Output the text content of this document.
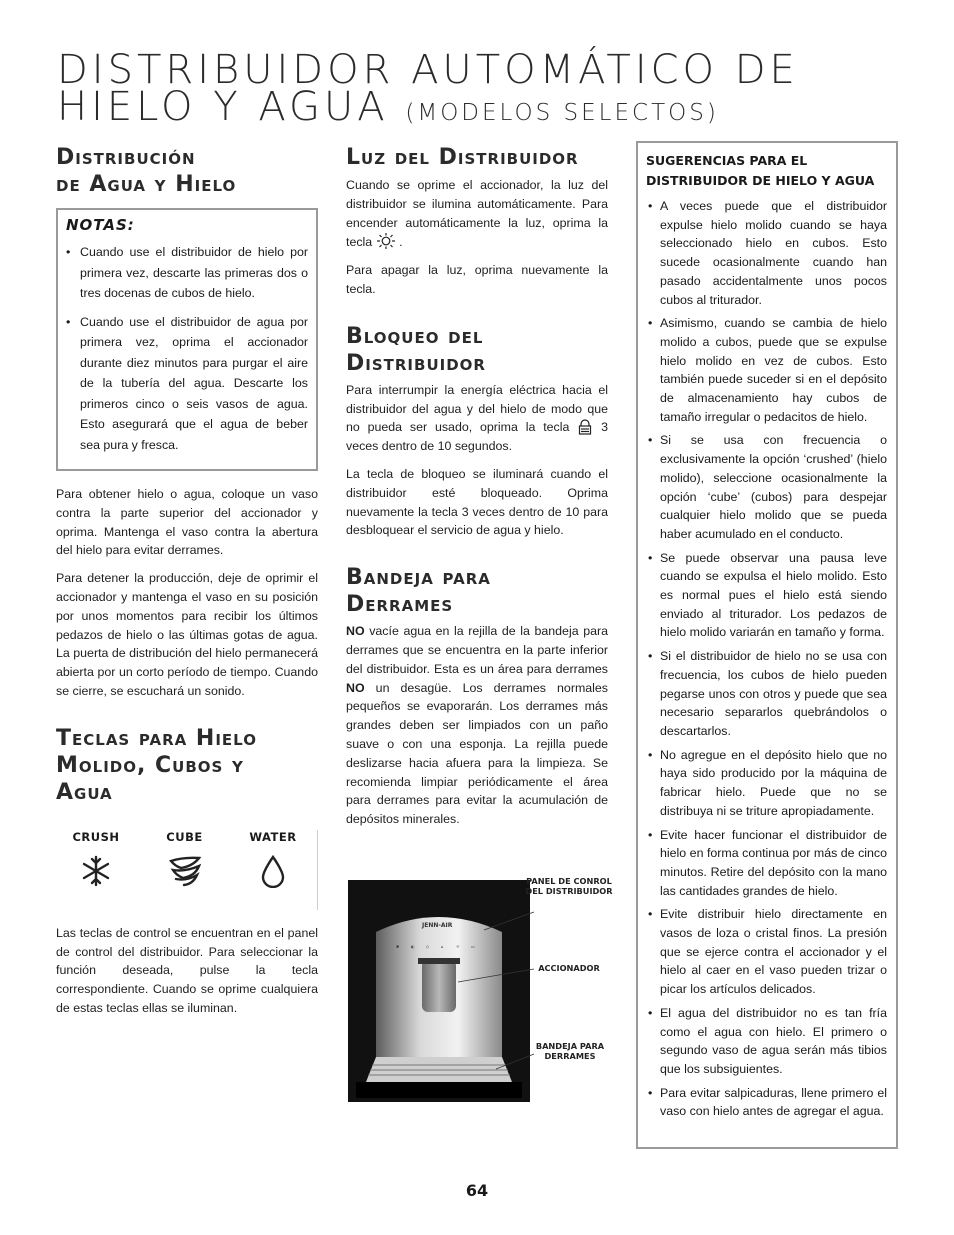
DISTRIBUIDOR AUTOMÁTICO DE
HIELO Y AGUA (MODELOS SELECTOS)
Distribución
de Agua y Hielo
NOTAS:
• Cuando use el distribuidor de hielo por primera vez, descarte las primeras dos o tres docenas de cubos de hielo.
• Cuando use el distribuidor de agua por primera vez, oprima el accionador durante diez minutos para purgar el aire de la tubería del agua. Descarte los primeros cinco o seis vasos de agua. Esto asegurará que el agua de beber sea pura y fresca.

Para obtener hielo o agua, coloque un vaso contra la parte superior del accionador y oprima. Mantenga el vaso contra la abertura del hielo para evitar derrames.

Para detener la producción, deje de oprimir el accionador y mantenga el vaso en su posición por unos momentos para recibir los últimos pedazos de hielo o las últimas gotas de agua. La puerta de distribución del hielo permanecerá abierta por un corto período de tiempo. Cuando se cierre, se escuchará un sonido.

Teclas para Hielo
Molido, Cubos y
Agua
CRUSH	CUBE	WATER

Las teclas de control se encuentran en el panel de control del distribuidor. Para seleccionar la función deseada, pulse la tecla correspondiente. Cuando se oprime cualquiera de estas teclas ellas se iluminan.

Luz del Distribuidor

Cuando se oprime el accionador, la luz del distribuidor se ilumina automáticamente. Para encender automáticamente la luz, oprima la tecla .

Para apagar la luz, oprima nuevamente la tecla.

Bloqueo del
Distribuidor

Para interrumpir la energía eléctrica hacia el distribuidor del agua y del hielo de modo que no pueda ser usado, oprima la tecla	3 veces dentro de 10 segundos.

La tecla de bloqueo se iluminará cuando el distribuidor esté bloqueado. Oprima nuevamente la tecla 3 veces dentro de 10 para desbloquear el servicio de agua y hielo.

Bandeja para
Derrames

NO vacíe agua en la rejilla de la bandeja para derrames que se encuentra en la parte inferior del distribuidor. Esta es un área para derrames NO un desagüe. Los derrames normales pequeños se evaporarán. Los derrames más grandes deben ser limpiados con un paño suave o con una esponja. La rejilla puede deslizarse hacia afuera para la limpieza. Se recomienda limpiar periódicamente el área para derrames para evitar la acumulación de depósitos minerales.

✱	◐	◇	⌂	☼	▭
JENN-AIR
PANEL DE CONROL DEL DISTRIBUIDOR
ACCIONADOR
BANDEJA PARA DERRAMES
SUGERENCIAS PARA EL DISTRIBUIDOR DE HIELO Y AGUA
• A veces puede que el distribuidor expulse hielo molido cuando se haya seleccionado hielo en cubos. Esto sucede ocasionalmente cuando han pasado accidentalmente unos pocos cubos al triturador.
• Asimismo, cuando se cambia de hielo molido a cubos, puede que se expulse hielo molido en vez de cubos. Esto también puede suceder si en el depósito de almacenamiento hay cubos de tamaño irregular o pedacitos de hielo.
• Si se usa con frecuencia o exclusivamente la opción ‘crushed’ (hielo molido), seleccione ocasionalmente la opción ‘cube’ (cubos) para despejar cualquier hielo molido que se pueda haber acumulado en el conducto.
• Se puede observar una pausa leve cuando se expulsa el hielo molido. Esto es normal pues el hielo está siendo enviado al triturador. Los pedazos de hielo molido variarán en tamaño y forma.
• Si el distribuidor de hielo no se usa con frecuencia, los cubos de hielo pueden pegarse unos con otros y puede que sea necesario separarlos quebrándolos o descartarlos.
• No agregue en el depósito hielo que no haya sido producido por la máquina de fabricar hielo. Puede que no se distribuya ni se triture apropiadamente.
• Evite hacer funcionar el distribuidor de hielo en forma continua por más de cinco minutos. Retire del depósito con la mano las cantidades grandes de hielo.
• Evite distribuir hielo directamente en vasos de loza o cristal finos. La presión que se ejerce contra el accionador y el hielo al caer en el vaso pueden trizar o picar los artículos delicados.
• El agua del distribuidor no es tan fría como el agua con hielo. El primero o segundo vaso de agua serán más tibios que los subsiguientes.
• Para evitar salpicaduras, llene primero el vaso con hielo antes de agregar el agua.
64
